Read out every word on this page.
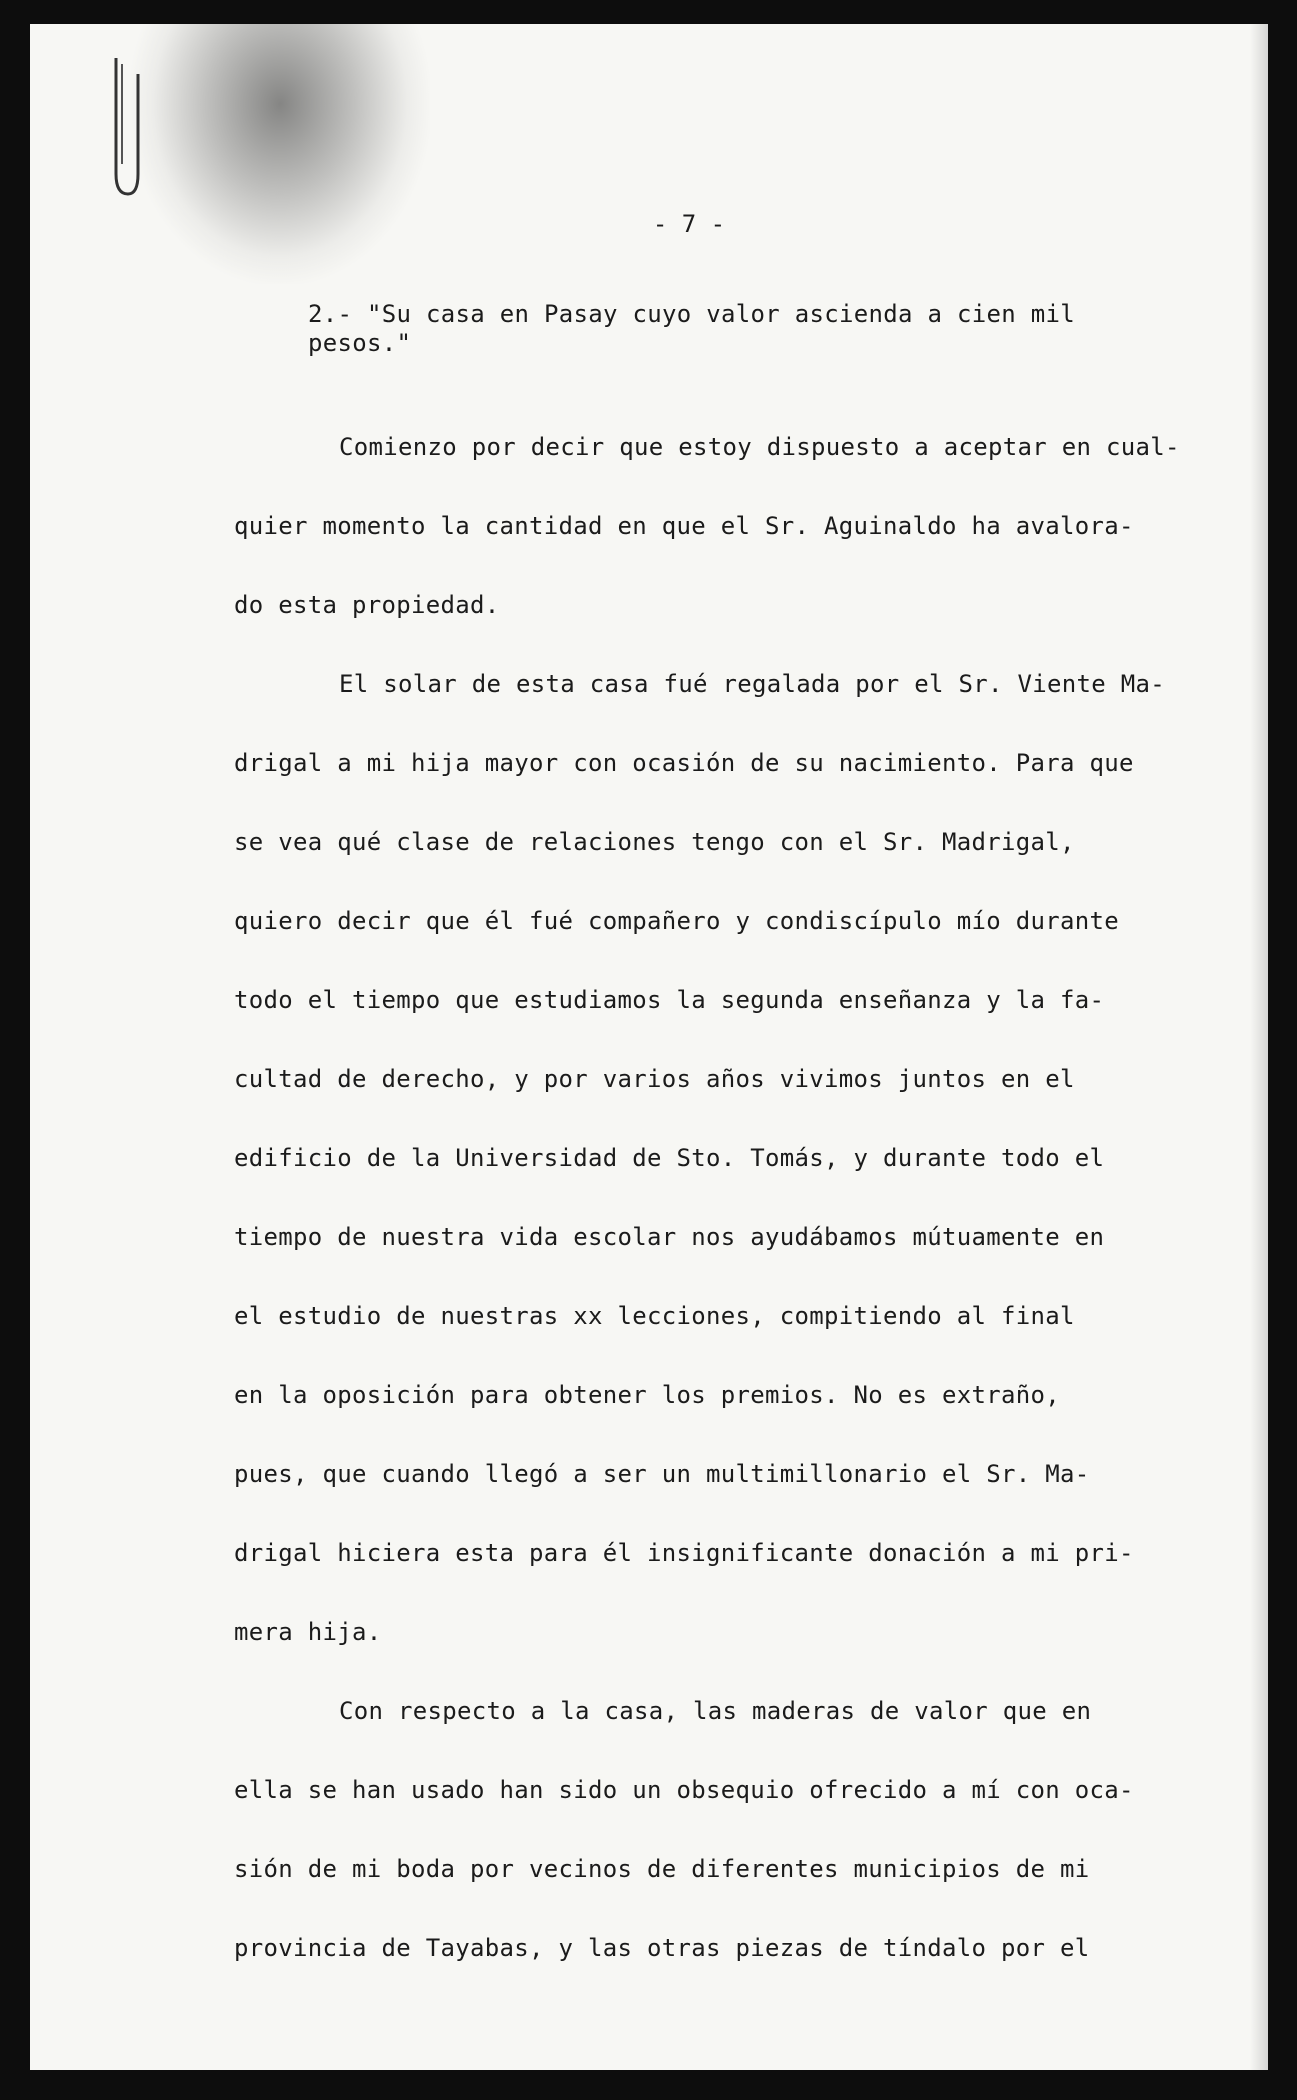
- 7 -
2.- "Su casa en Pasay cuyo valor ascienda a cien mil
pesos."
Comienzo por decir que estoy dispuesto a aceptar en cual-
quier momento la cantidad en que el Sr. Aguinaldo ha avalora-
do esta propiedad.
El solar de esta casa fué regalada por el Sr. Viente Ma-
drigal a mi hija mayor con ocasión de su nacimiento. Para que
se vea qué clase de relaciones tengo con el Sr. Madrigal,
quiero decir que él fué compañero y condiscípulo mío durante
todo el tiempo que estudiamos la segunda enseñanza y la fa-
cultad de derecho, y por varios años vivimos juntos en el
edificio de la Universidad de Sto. Tomás, y durante todo el
tiempo de nuestra vida escolar nos ayudábamos mútuamente en
el estudio de nuestras xx lecciones, compitiendo al final
en la oposición para obtener los premios. No es extraño,
pues, que cuando llegó a ser un multimillonario el Sr. Ma-
drigal hiciera esta para él insignificante donación a mi pri-
mera hija.
Con respecto a la casa, las maderas de valor que en
ella se han usado han sido un obsequio ofrecido a mí con oca-
sión de mi boda por vecinos de diferentes municipios de mi
provincia de Tayabas, y las otras piezas de tíndalo por el
